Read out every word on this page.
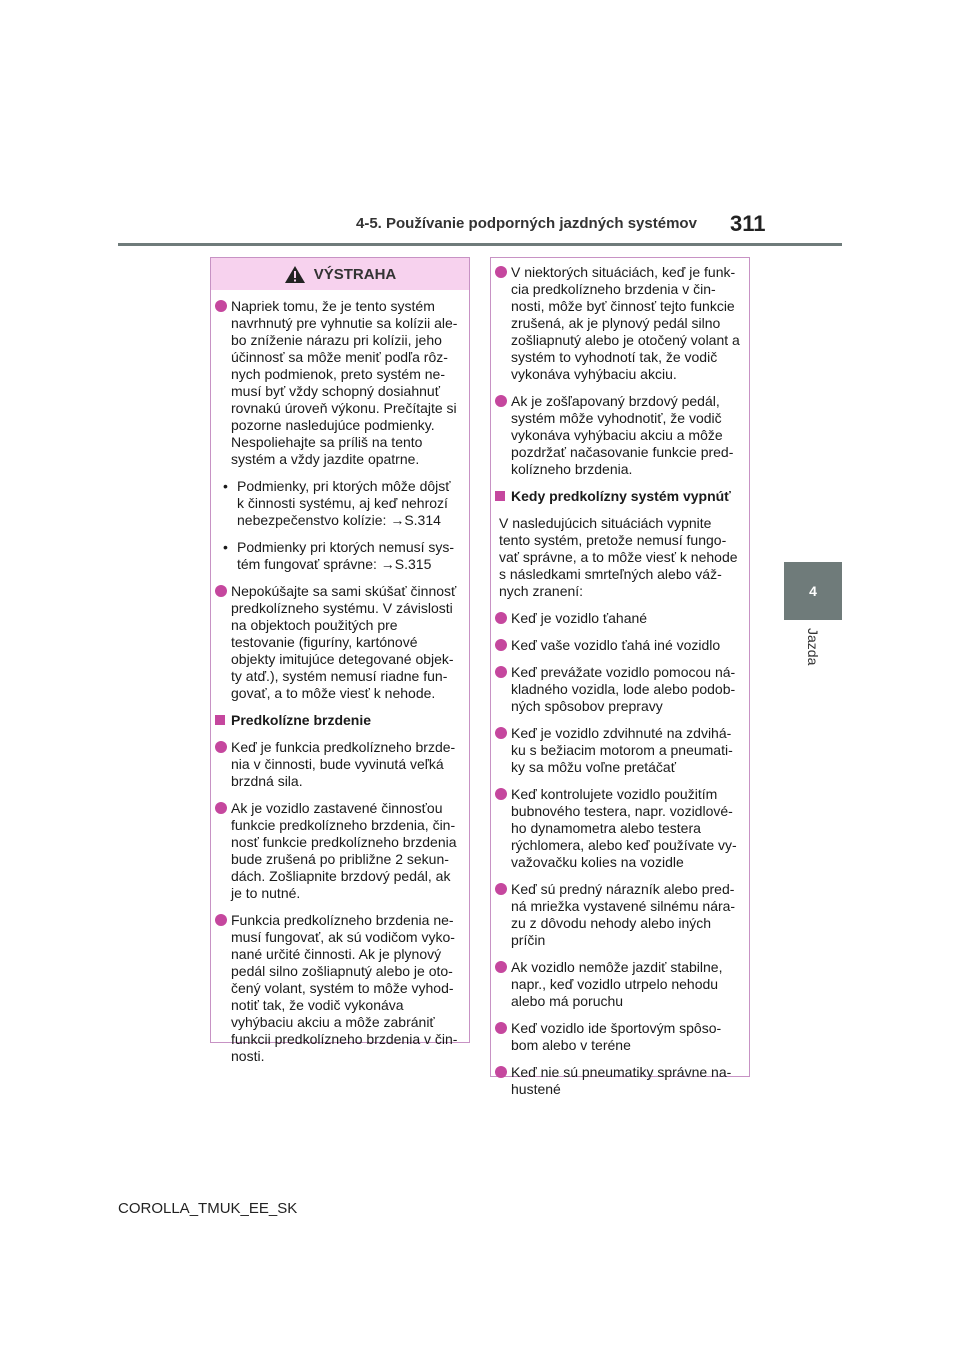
4-5. Používanie podporných jazdných systémov 311
4
Jazda
VÝSTRAHA
Napriek tomu, že je tento systém navrhnutý pre vyhnutie sa kolízii ale-bo zníženie nárazu pri kolízii, jeho účinnosť sa môže meniť podľa rôz-nych podmienok, preto systém ne-musí byť vždy schopný dosiahnuť rovnakú úroveň výkonu. Prečítajte si pozorne nasledujúce podmienky. Nespoliehajte sa príliš na tento systém a vždy jazdite opatrne.
• Podmienky, pri ktorých môže dôjsť k činnosti systému, aj keď nehrozí nebezpečenstvo kolízie: →S.314
• Podmienky pri ktorých nemusí sys-tém fungovať správne: →S.315
Nepokúšajte sa sami skúšať činnosť predkolízneho systému. V závislosti na objektoch použitých pre testovanie (figuríny, kartónové objekty imitujúce detegované objek-ty atď.), systém nemusí riadne fun-govať, a to môže viesť k nehode.
Predkolízne brzdenie
Keď je funkcia predkolízneho brzde-nia v činnosti, bude vyvinutá veľká brzdná sila.
Ak je vozidlo zastavené činnosťou funkcie predkolízneho brzdenia, čin-nosť funkcie predkolízneho brzdenia bude zrušená po približne 2 sekun-dách. Zošliapnite brzdový pedál, ak je to nutné.
Funkcia predkolízneho brzdenia ne-musí fungovať, ak sú vodičom vyko-nané určité činnosti. Ak je plynový pedál silno zošliapnutý alebo je oto-čený volant, systém to môže vyhod-notiť tak, že vodič vykonáva vyhýbaciu akciu a môže zabrániť funkcii predkolízneho brzdenia v čin-nosti.
V niektorých situáciách, keď je funk-cia predkolízneho brzdenia v čin-nosti, môže byť činnosť tejto funkcie zrušená, ak je plynový pedál silno zošliapnutý alebo je otočený volant a systém to vyhodnotí tak, že vodič vykonáva vyhýbaciu akciu.
Ak je zošľapovaný brzdový pedál, systém môže vyhodnotiť, že vodič vykonáva vyhýbaciu akciu a môže pozdržať načasovanie funkcie pred-kolízneho brzdenia.
Kedy predkolízny systém vypnúť
V nasledujúcich situáciách vypnite tento systém, pretože nemusí fungo-vať správne, a to môže viesť k nehode s následkami smrteľných alebo váž-nych zranení:
Keď je vozidlo ťahané
Keď vaše vozidlo ťahá iné vozidlo
Keď prevážate vozidlo pomocou ná-kladného vozidla, lode alebo podob-ných spôsobov prepravy
Keď je vozidlo zdvihnuté na zdvihá-ku s bežiacim motorom a pneumati-ky sa môžu voľne pretáčať
Keď kontrolujete vozidlo použitím bubnového testera, napr. vozidlové-ho dynamometra alebo testera rýchlomera, alebo keď používate vy-važovačku kolies na vozidle
Keď sú predný nárazník alebo pred-ná mriežka vystavené silnému nára-zu z dôvodu nehody alebo iných príčin
Ak vozidlo nemôže jazdiť stabilne, napr., keď vozidlo utrpelo nehodu alebo má poruchu
Keď vozidlo ide športovým spôso-bom alebo v teréne
Keď nie sú pneumatiky správne na-hustené
COROLLA_TMUK_EE_SK
